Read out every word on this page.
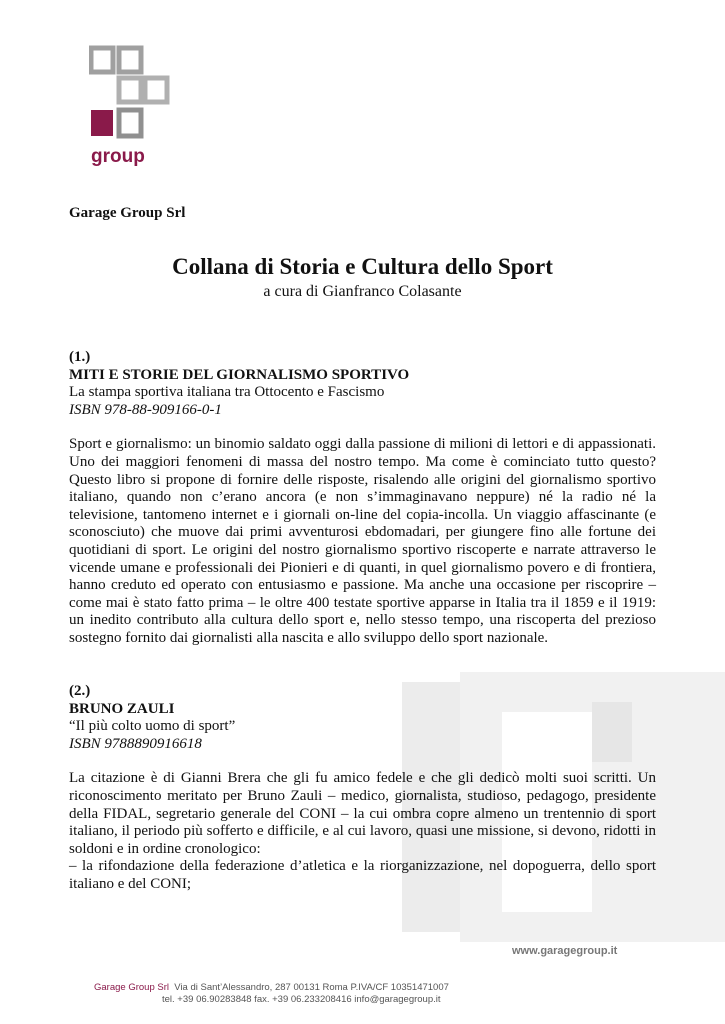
group
Garage Group Srl
Collana di Storia e Cultura dello Sport
a cura di Gianfranco Colasante
(1.)
MITI E STORIE DEL GIORNALISMO SPORTIVO
La stampa sportiva italiana tra Ottocento e Fascismo
ISBN 978-88-909166-0-1
Sport e giornalismo: un binomio saldato oggi dalla passione di milioni di lettori e di appassionati. Uno dei maggiori fenomeni di massa del nostro tempo. Ma come è cominciato tutto questo? Questo libro si propone di fornire delle risposte, risalendo alle origini del giornalismo sportivo italiano, quando non c’erano ancora (e non s’immaginavano neppure) né la radio né la televisione, tantomeno internet e i giornali on-line del copia-incolla. Un viaggio affascinante (e sconosciuto) che muove dai primi avventurosi ebdomadari, per giungere fino alle fortune dei quotidiani di sport. Le origini del nostro giornalismo sportivo riscoperte e narrate attraverso le vicende umane e professionali dei Pionieri e di quanti, in quel giornalismo povero e di frontiera, hanno creduto ed operato con entusiasmo e passione. Ma anche una occasione per riscoprire – come mai è stato fatto prima – le oltre 400 testate sportive apparse in Italia tra il 1859 e il 1919: un inedito contributo alla cultura dello sport e, nello stesso tempo, una riscoperta del prezioso sostegno fornito dai giornalisti alla nascita e allo sviluppo dello sport nazionale.
(2.)
BRUNO ZAULI
“Il più colto uomo di sport”
ISBN 9788890916618
La citazione è di Gianni Brera che gli fu amico fedele e che gli dedicò molti suoi scritti. Un riconoscimento meritato per Bruno Zauli – medico, giornalista, studioso, pedagogo, presidente della FIDAL, segretario generale del CONI – la cui ombra copre almeno un trentennio di sport italiano, il periodo più sofferto e difficile, e al cui lavoro, quasi une missione, si devono, ridotti in soldoni e in ordine cronologico:
– la rifondazione della federazione d’atletica e la riorganizzazione, nel dopoguerra, dello sport italiano e del CONI;
www.garagegroup.it
Garage Group Srl Via di Sant’Alessandro, 287 00131 Roma P.IVA/CF 10351471007
tel. +39 06.90283848 fax. +39 06.233208416 info@garagegroup.it
